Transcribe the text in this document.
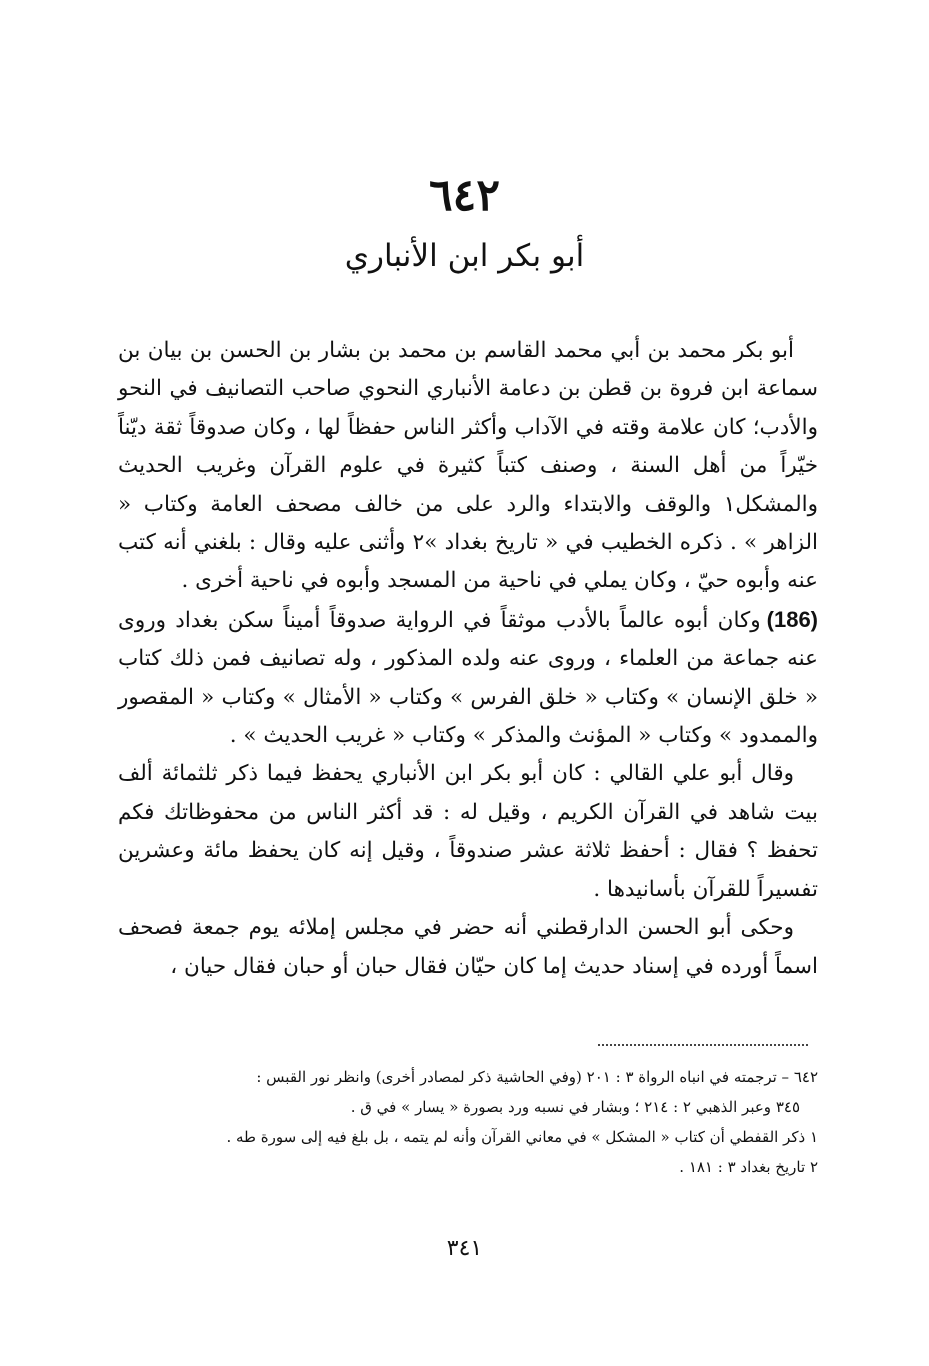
٦٤٢
أبو بكر ابن الأنباري

أبو بكر محمد بن أبي محمد القاسم بن محمد بن بشار بن الحسن بن بيان بن سماعة ابن فروة بن قطن بن دعامة الأنباري النحوي صاحب التصانيف في النحو والأدب؛ كان علامة وقته في الآداب وأكثر الناس حفظاً لها ، وكان صدوقاً ثقة ديّناً خيّراً من أهل السنة ، وصنف كتباً كثيرة في علوم القرآن وغريب الحديث والمشكل١ والوقف والابتداء والرد على من خالف مصحف العامة وكتاب « الزاهر » . ذكره الخطيب في « تاريخ بغداد »٢ وأثنى عليه وقال : بلغني أنه كتب عنه وأبوه حيّ ، وكان يملي في ناحية من المسجد وأبوه في ناحية أخرى .

(186)وكان أبوه عالماً بالأدب موثقاً في الرواية صدوقاً أميناً سكن بغداد وروى عنه جماعة من العلماء ، وروى عنه ولده المذكور ، وله تصانيف فمن ذلك كتاب « خلق الإنسان » وكتاب « خلق الفرس » وكتاب « الأمثال » وكتاب « المقصور والممدود » وكتاب « المؤنث والمذكر » وكتاب « غريب الحديث » .

وقال أبو علي القالي : كان أبو بكر ابن الأنباري يحفظ فيما ذكر ثلثمائة ألف بيت شاهد في القرآن الكريم ، وقيل له : قد أكثر الناس من محفوظاتك فكم تحفظ ؟ فقال : أحفظ ثلاثة عشر صندوقاً ، وقيل إنه كان يحفظ مائة وعشرين تفسيراً للقرآن بأسانيدها .

وحكى أبو الحسن الدارقطني أنه حضر في مجلس إملائه يوم جمعة فصحف اسماً أورده في إسناد حديث إما كان حيّان فقال حبان أو حبان فقال حيان ،

٦٤٢ – ترجمته في انباه الرواة ٣ : ٢٠١ (وفي الحاشية ذكر لمصادر أخرى) وانظر نور القبس :

٣٤٥ وعبر الذهبي ٢ : ٢١٤ ؛ وبشار في نسبه ورد بصورة « يسار » في ق .

١ ذكر القفطي أن كتاب « المشكل » في معاني القرآن وأنه لم يتمه ، بل بلغ فيه إلى سورة طه .

٢ تاريخ بغداد ٣ : ١٨١ .

٣٤١
